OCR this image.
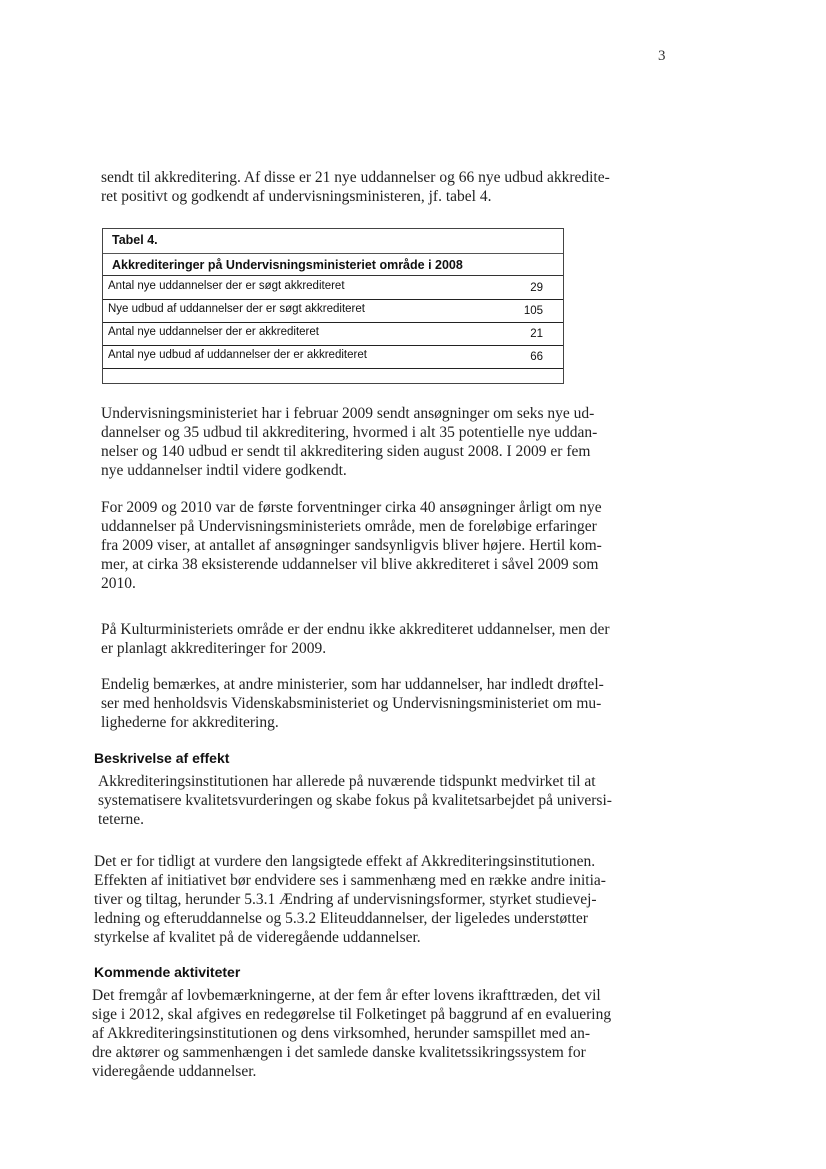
3

sendt til akkreditering. Af disse er 21 nye uddannelser og 66 nye udbud akkredite-
ret positivt og godkendt af undervisningsministeren, jf. tabel 4.

Tabel 4.
Akkrediteringer på Undervisningsministeriet område i 2008
Antal nye uddannelser der er søgt akkrediteret	29
Nye udbud af uddannelser der er søgt akkrediteret	105
Antal nye uddannelser der er akkrediteret	21
Antal nye udbud af uddannelser der er akkrediteret	66

Undervisningsministeriet har i februar 2009 sendt ansøgninger om seks nye ud-
dannelser og 35 udbud til akkreditering, hvormed i alt 35 potentielle nye uddan-
nelser og 140 udbud er sendt til akkreditering siden august 2008. I 2009 er fem
nye uddannelser indtil videre godkendt.

For 2009 og 2010 var de første forventninger cirka 40 ansøgninger årligt om nye
uddannelser på Undervisningsministeriets område, men de foreløbige erfaringer
fra 2009 viser, at antallet af ansøgninger sandsynligvis bliver højere. Hertil kom-
mer, at cirka 38 eksisterende uddannelser vil blive akkrediteret i såvel 2009 som
2010.

På Kulturministeriets område er der endnu ikke akkrediteret uddannelser, men der
er planlagt akkrediteringer for 2009.

Endelig bemærkes, at andre ministerier, som har uddannelser, har indledt drøftel-
ser med henholdsvis Videnskabsministeriet og Undervisningsministeriet om mu-
lighederne for akkreditering.

Beskrivelse af effekt

Akkrediteringsinstitutionen har allerede på nuværende tidspunkt medvirket til at
systematisere kvalitetsvurderingen og skabe fokus på kvalitetsarbejdet på universi-
teterne.

Det er for tidligt at vurdere den langsigtede effekt af Akkrediteringsinstitutionen.
Effekten af initiativet bør endvidere ses i sammenhæng med en række andre initia-
tiver og tiltag, herunder 5.3.1 Ændring af undervisningsformer, styrket studievej-
ledning og efteruddannelse og 5.3.2 Eliteuddannelser, der ligeledes understøtter
styrkelse af kvalitet på de videregående uddannelser.

Kommende aktiviteter

Det fremgår af lovbemærkningerne, at der fem år efter lovens ikrafttræden, det vil
sige i 2012, skal afgives en redegørelse til Folketinget på baggrund af en evaluering
af Akkrediteringsinstitutionen og dens virksomhed, herunder samspillet med an-
dre aktører og sammenhængen i det samlede danske kvalitetssikringssystem for
videregående uddannelser.
